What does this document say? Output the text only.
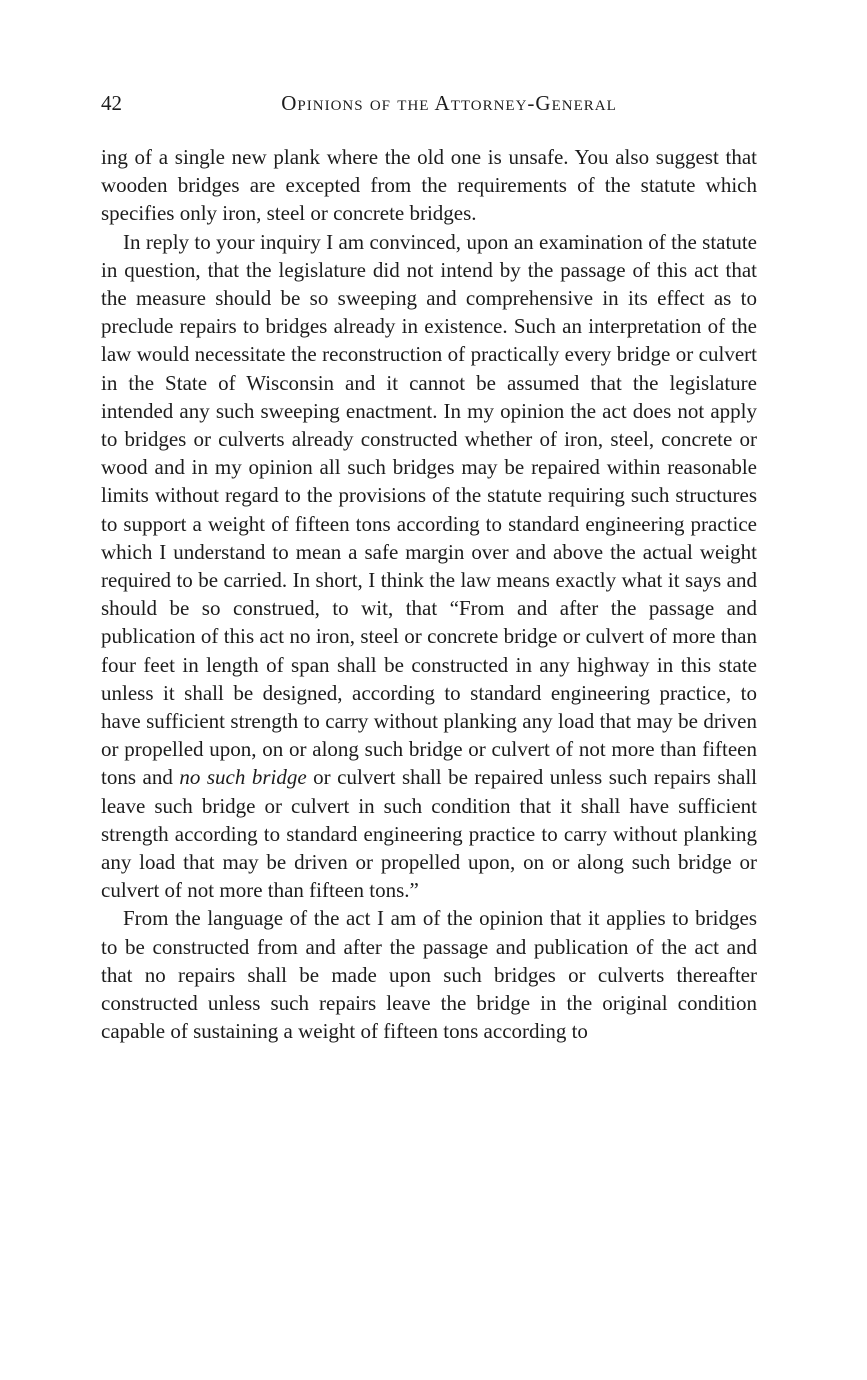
42	Opinions of the Attorney-General

ing of a single new plank where the old one is unsafe. You also suggest that wooden bridges are excepted from the requirements of the statute which specifies only iron, steel or concrete bridges.

In reply to your inquiry I am convinced, upon an examination of the statute in question, that the legislature did not intend by the passage of this act that the measure should be so sweeping and comprehensive in its effect as to preclude repairs to bridges already in existence. Such an interpretation of the law would necessitate the reconstruction of practically every bridge or culvert in the State of Wisconsin and it cannot be assumed that the legislature intended any such sweeping enactment. In my opinion the act does not apply to bridges or culverts already constructed whether of iron, steel, concrete or wood and in my opinion all such bridges may be repaired within reasonable limits without regard to the provisions of the statute requiring such structures to support a weight of fifteen tons according to standard engineering practice which I understand to mean a safe margin over and above the actual weight required to be carried. In short, I think the law means exactly what it says and should be so construed, to wit, that “From and after the passage and publication of this act no iron, steel or concrete bridge or culvert of more than four feet in length of span shall be constructed in any highway in this state unless it shall be designed, according to standard engineering practice, to have sufficient strength to carry without planking any load that may be driven or propelled upon, on or along such bridge or culvert of not more than fifteen tons and no such bridge or culvert shall be repaired unless such repairs shall leave such bridge or culvert in such condition that it shall have sufficient strength according to standard engineering practice to carry without planking any load that may be driven or propelled upon, on or along such bridge or culvert of not more than fifteen tons.”

From the language of the act I am of the opinion that it applies to bridges to be constructed from and after the passage and publication of the act and that no repairs shall be made upon such bridges or culverts thereafter constructed unless such repairs leave the bridge in the original condition capable of sustaining a weight of fifteen tons according to
